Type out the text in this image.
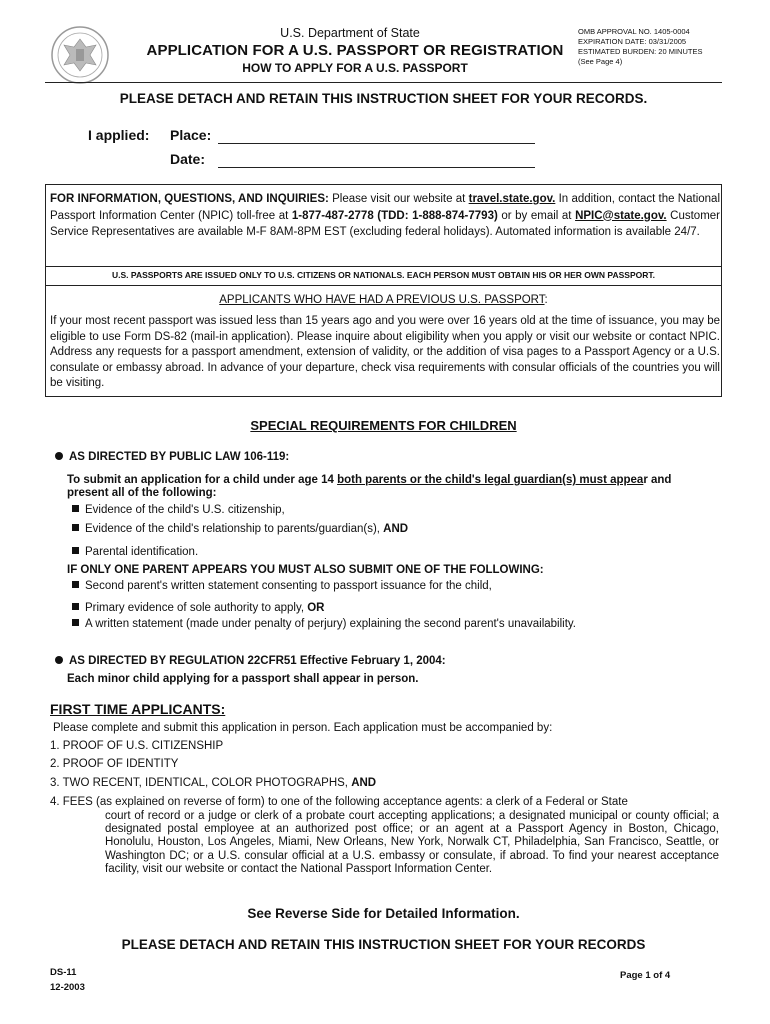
U.S. Department of State
APPLICATION FOR A U.S. PASSPORT OR REGISTRATION
HOW TO APPLY FOR A U.S. PASSPORT
OMB APPROVAL NO. 1405-0004
EXPIRATION DATE: 03/31/2005
ESTIMATED BURDEN: 20 MINUTES
(See Page 4)
PLEASE DETACH AND RETAIN THIS INSTRUCTION SHEET FOR YOUR RECORDS.
I applied: Place:
Date:
FOR INFORMATION, QUESTIONS, AND INQUIRIES: Please visit our website at travel.state.gov. In addition, contact the National Passport Information Center (NPIC) toll-free at 1-877-487-2778 (TDD: 1-888-874-7793) or by email at NPIC@state.gov. Customer Service Representatives are available M-F 8AM-8PM EST (excluding federal holidays). Automated information is available 24/7.
U.S. PASSPORTS ARE ISSUED ONLY TO U.S. CITIZENS OR NATIONALS. EACH PERSON MUST OBTAIN HIS OR HER OWN PASSPORT.
APPLICANTS WHO HAVE HAD A PREVIOUS U.S. PASSPORT:
If your most recent passport was issued less than 15 years ago and you were over 16 years old at the time of issuance, you may be eligible to use Form DS-82 (mail-in application). Please inquire about eligibility when you apply or visit our website or contact NPIC. Address any requests for a passport amendment, extension of validity, or the addition of visa pages to a Passport Agency or a U.S. consulate or embassy abroad. In advance of your departure, check visa requirements with consular officials of the countries you will be visiting.
SPECIAL REQUIREMENTS FOR CHILDREN
AS DIRECTED BY PUBLIC LAW 106-119:
To submit an application for a child under age 14 both parents or the child's legal guardian(s) must appear and
present all of the following:
Evidence of the child's U.S. citizenship,
Evidence of the child's relationship to parents/guardian(s), AND
Parental identification.
IF ONLY ONE PARENT APPEARS YOU MUST ALSO SUBMIT ONE OF THE FOLLOWING:
Second parent's written statement consenting to passport issuance for the child,
Primary evidence of sole authority to apply, OR
A written statement (made under penalty of perjury) explaining the second parent's unavailability.
AS DIRECTED BY REGULATION 22CFR51 Effective February 1, 2004:
Each minor child applying for a passport shall appear in person.
FIRST TIME APPLICANTS:
Please complete and submit this application in person. Each application must be accompanied by:
1. PROOF OF U.S. CITIZENSHIP
2. PROOF OF IDENTITY
3. TWO RECENT, IDENTICAL, COLOR PHOTOGRAPHS, AND
4. FEES (as explained on reverse of form) to one of the following acceptance agents: a clerk of a Federal or State
court of record or a judge or clerk of a probate court accepting applications; a designated municipal or county official; a designated postal employee at an authorized post office; or an agent at a Passport Agency in Boston, Chicago, Honolulu, Houston, Los Angeles, Miami, New Orleans, New York, Norwalk CT, Philadelphia, San Francisco, Seattle, or Washington DC; or a U.S. consular official at a U.S. embassy or consulate, if abroad. To find your nearest acceptance facility, visit our website or contact the National Passport Information Center.
See Reverse Side for Detailed Information.
PLEASE DETACH AND RETAIN THIS INSTRUCTION SHEET FOR YOUR RECORDS
DS-11
12-2003
Page 1 of 4
